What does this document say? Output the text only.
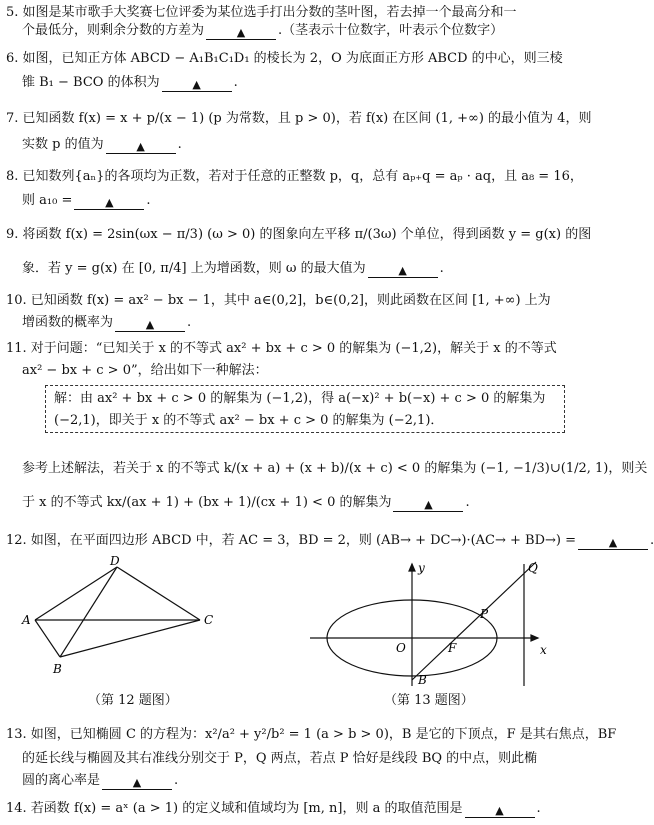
5. 如图是某市歌手大奖赛七位评委为某位选手打出分数的茎叶图，若去掉一个最高分和一
个最低分，则剩余分数的方差为	▲	.（茎表示十位数字，叶表示个位数字）
6. 如图，已知正方体 ABCD − A₁B₁C₁D₁ 的棱长为 2，O 为底面正方形 ABCD 的中心，则三棱
锥 B₁ − BCO 的体积为	▲	.
7. 已知函数 f(x) = x + p/(x − 1) (p 为常数，且 p > 0)，若 f(x) 在区间 (1, +∞) 的最小值为 4，则
实数 p 的值为	▲	.
8. 已知数列{aₙ}的各项均为正数，若对于任意的正整数 p，q，总有 aₚ₊q = aₚ · aq，且 a₈ = 16，
则 a₁₀ =	▲	.
9. 将函数 f(x) = 2sin(ωx − π/3) (ω > 0) 的图象向左平移 π/(3ω) 个单位，得到函数 y = g(x) 的图
象．若 y = g(x) 在 [0, π/4] 上为增函数，则 ω 的最大值为	▲	.
10. 已知函数 f(x) = ax² − bx − 1，其中 a∈(0,2]，b∈(0,2]，则此函数在区间 [1, +∞) 上为
增函数的概率为	▲	.
11. 对于问题：“已知关于 x 的不等式 ax² + bx + c > 0 的解集为 (−1,2)，解关于 x 的不等式
ax² − bx + c > 0”，给出如下一种解法：
解：由 ax² + bx + c > 0 的解集为 (−1,2)，得 a(−x)² + b(−x) + c > 0 的解集为
(−2,1)，即关于 x 的不等式 ax² − bx + c > 0 的解集为 (−2,1)．
参考上述解法，若关于 x 的不等式 k/(x + a) + (x + b)/(x + c) < 0 的解集为 (−1, −1/3)∪(1/2, 1)，则关
于 x 的不等式 kx/(ax + 1) + (bx + 1)/(cx + 1) < 0 的解集为	▲	.
12. 如图，在平面四边形 ABCD 中，若 AC = 3，BD = 2，则 (AB→ + DC→)·(AC→ + BD→) =	▲	.
D
A	C
B
（第 12 题图）
y
x
O	F
P
Q
B
（第 13 题图）
13. 如图，已知椭圆 C 的方程为：x²/a² + y²/b² = 1 (a > b > 0)，B 是它的下顶点，F 是其右焦点，BF
的延长线与椭圆及其右准线分别交于 P，Q 两点，若点 P 恰好是线段 BQ 的中点，则此椭
圆的离心率是	▲	.
14. 若函数 f(x) = aˣ (a > 1) 的定义域和值域均为 [m, n]，则 a 的取值范围是	▲	.
